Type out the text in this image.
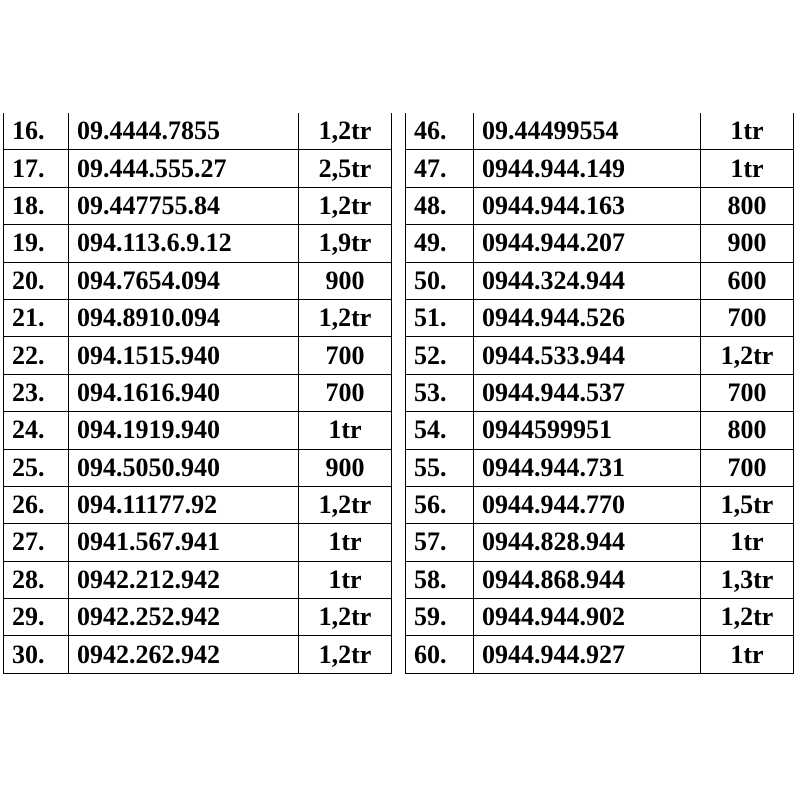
16.	09.4444.7855	1,2tr
17.	09.444.555.27	2,5tr
18.	09.447755.84	1,2tr
19.	094.113.6.9.12	1,9tr
20.	094.7654.094	900
21.	094.8910.094	1,2tr
22.	094.1515.940	700
23.	094.1616.940	700
24.	094.1919.940	1tr
25.	094.5050.940	900
26.	094.11177.92	1,2tr
27.	0941.567.941	1tr
28.	0942.212.942	1tr
29.	0942.252.942	1,2tr
30.	0942.262.942	1,2tr
46.	09.44499554	1tr
47.	0944.944.149	1tr
48.	0944.944.163	800
49.	0944.944.207	900
50.	0944.324.944	600
51.	0944.944.526	700
52.	0944.533.944	1,2tr
53.	0944.944.537	700
54.	0944599951	800
55.	0944.944.731	700
56.	0944.944.770	1,5tr
57.	0944.828.944	1tr
58.	0944.868.944	1,3tr
59.	0944.944.902	1,2tr
60.	0944.944.927	1tr
